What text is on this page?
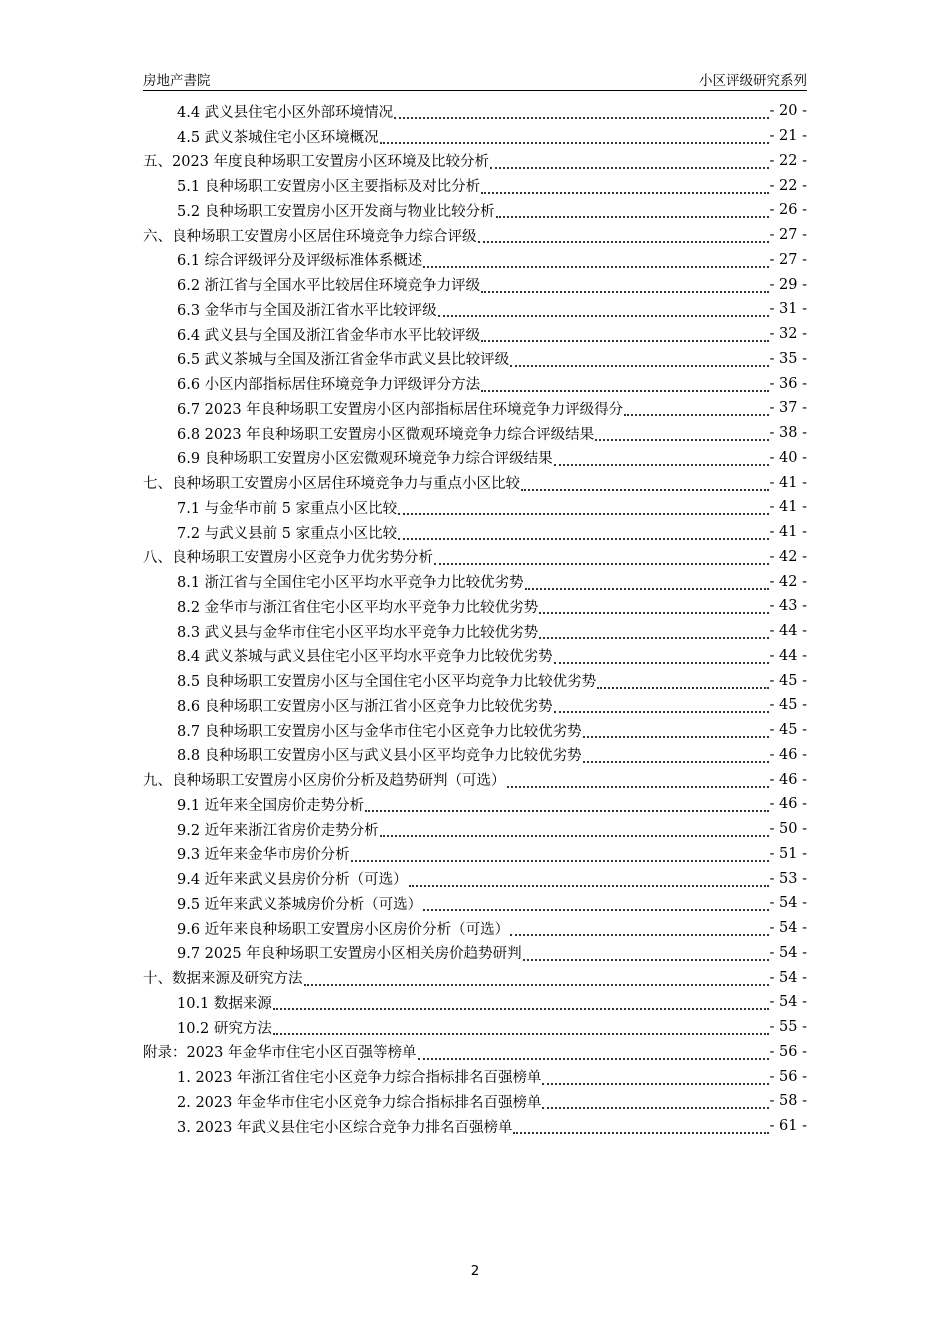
房地产書院	小区评级研究系列
4.4 武义县住宅小区外部环境情况	- 20 -
4.5 武义茶城住宅小区环境概况	- 21 -
五、2023 年度良种场职工安置房小区环境及比较分析	- 22 -
5.1 良种场职工安置房小区主要指标及对比分析	- 22 -
5.2 良种场职工安置房小区开发商与物业比较分析	- 26 -
六、良种场职工安置房小区居住环境竞争力综合评级	- 27 -
6.1 综合评级评分及评级标准体系概述	- 27 -
6.2 浙江省与全国水平比较居住环境竞争力评级	- 29 -
6.3 金华市与全国及浙江省水平比较评级	- 31 -
6.4 武义县与全国及浙江省金华市水平比较评级	- 32 -
6.5 武义茶城与全国及浙江省金华市武义县比较评级	- 35 -
6.6 小区内部指标居住环境竞争力评级评分方法	- 36 -
6.7 2023 年良种场职工安置房小区内部指标居住环境竞争力评级得分	- 37 -
6.8 2023 年良种场职工安置房小区微观环境竞争力综合评级结果	- 38 -
6.9 良种场职工安置房小区宏微观环境竞争力综合评级结果	- 40 -
七、良种场职工安置房小区居住环境竞争力与重点小区比较	- 41 -
7.1 与金华市前 5 家重点小区比较	- 41 -
7.2 与武义县前 5 家重点小区比较	- 41 -
八、良种场职工安置房小区竞争力优劣势分析	- 42 -
8.1 浙江省与全国住宅小区平均水平竞争力比较优劣势	- 42 -
8.2 金华市与浙江省住宅小区平均水平竞争力比较优劣势	- 43 -
8.3 武义县与金华市住宅小区平均水平竞争力比较优劣势	- 44 -
8.4 武义茶城与武义县住宅小区平均水平竞争力比较优劣势	- 44 -
8.5 良种场职工安置房小区与全国住宅小区平均竞争力比较优劣势	- 45 -
8.6 良种场职工安置房小区与浙江省小区竞争力比较优劣势	- 45 -
8.7 良种场职工安置房小区与金华市住宅小区竞争力比较优劣势	- 45 -
8.8 良种场职工安置房小区与武义县小区平均竞争力比较优劣势	- 46 -
九、良种场职工安置房小区房价分析及趋势研判（可选）	- 46 -
9.1 近年来全国房价走势分析	- 46 -
9.2 近年来浙江省房价走势分析	- 50 -
9.3 近年来金华市房价分析	- 51 -
9.4 近年来武义县房价分析（可选）	- 53 -
9.5 近年来武义茶城房价分析（可选）	- 54 -
9.6 近年来良种场职工安置房小区房价分析（可选）	- 54 -
9.7 2025 年良种场职工安置房小区相关房价趋势研判	- 54 -
十、数据来源及研究方法	- 54 -
10.1 数据来源	- 54 -
10.2 研究方法	- 55 -
附录：2023 年金华市住宅小区百强等榜单	- 56 -
1. 2023 年浙江省住宅小区竞争力综合指标排名百强榜单	- 56 -
2. 2023 年金华市住宅小区竞争力综合指标排名百强榜单	- 58 -
3. 2023 年武义县住宅小区综合竞争力排名百强榜单	- 61 -
2
